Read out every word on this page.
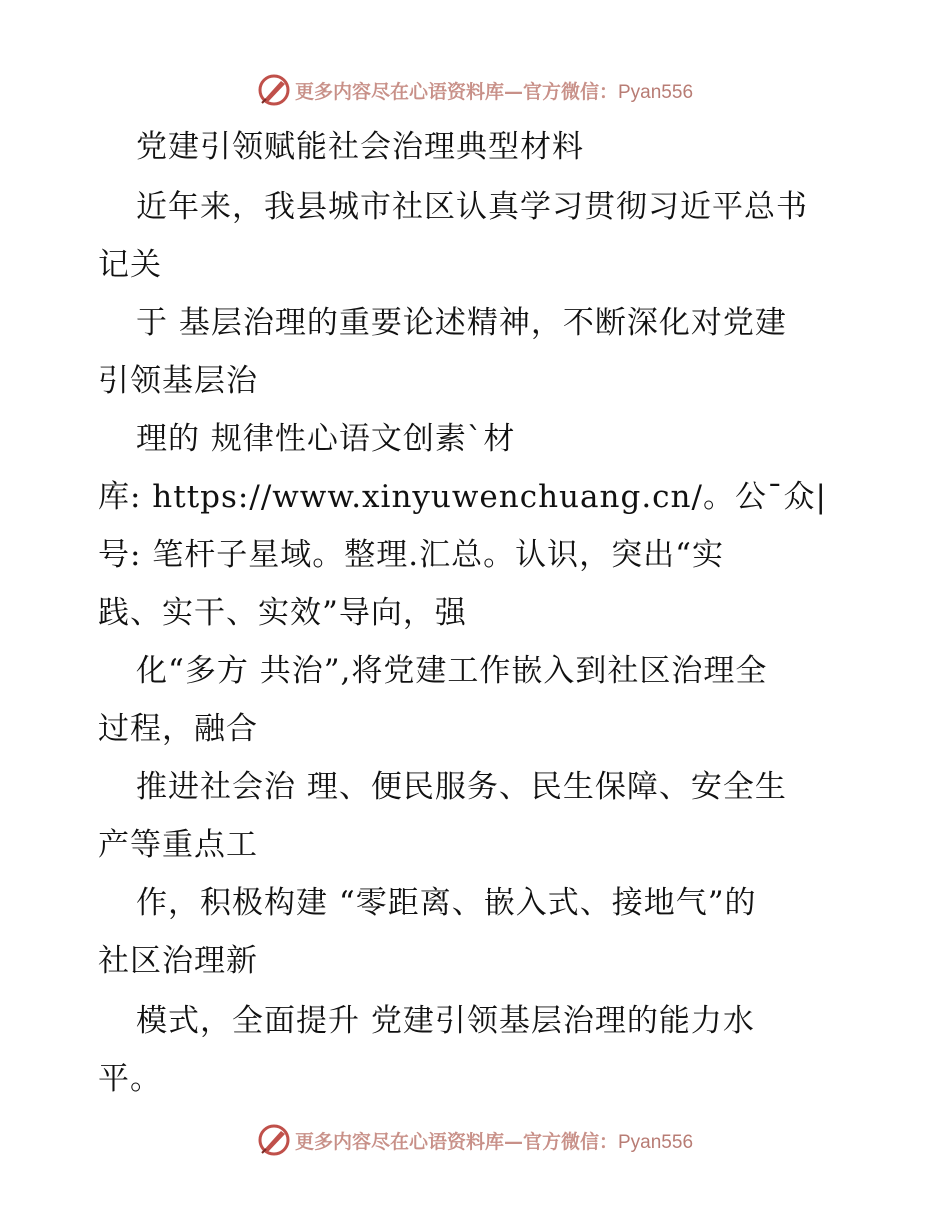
更多内容尽在心语资料库—官方微信： Pyan556
党建引领赋能社会治理典型材料
近年来，我县城市社区认真学习贯彻习近平总书
记关
于 基层治理的重要论述精神，不断深化对党建
引领基层治
理的 规律性心语文创素`材
库: https://www.xinyuwenchuang.cn/。公¯众|
号: 笔杆子星域。整理.汇总。认识，突出“实
践、实干、实效”导向，强
化“多方 共治”,将党建工作嵌入到社区治理全
过程，融合
推进社会治 理、便民服务、民生保障、安全生
产等重点工
作，积极构建 “零距离、嵌入式、接地气”的
社区治理新
模式，全面提升 党建引领基层治理的能力水
平。
更多内容尽在心语资料库—官方微信： Pyan556
